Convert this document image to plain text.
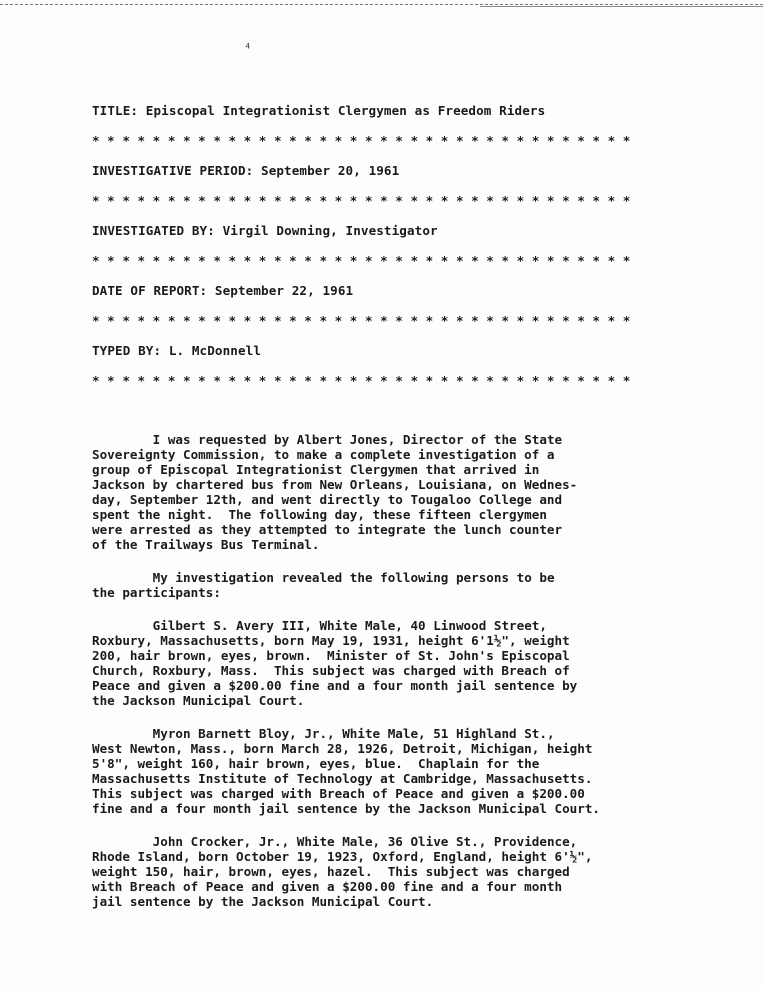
⁴
TITLE: Episcopal Integrationist Clergymen as Freedom Riders
* * * * * * * * * * * * * * * * * * * * * * * * * * * * * * * * * * * *
INVESTIGATIVE PERIOD: September 20, 1961
* * * * * * * * * * * * * * * * * * * * * * * * * * * * * * * * * * * *
INVESTIGATED BY: Virgil Downing, Investigator
* * * * * * * * * * * * * * * * * * * * * * * * * * * * * * * * * * * *
DATE OF REPORT: September 22, 1961
* * * * * * * * * * * * * * * * * * * * * * * * * * * * * * * * * * * *
TYPED BY: L. McDonnell
* * * * * * * * * * * * * * * * * * * * * * * * * * * * * * * * * * * *

I was requested by Albert Jones, Director of the State
Sovereignty Commission, to make a complete investigation of a
group of Episcopal Integrationist Clergymen that arrived in
Jackson by chartered bus from New Orleans, Louisiana, on Wednes-
day, September 12th, and went directly to Tougaloo College and
spent the night.  The following day, these fifteen clergymen
were arrested as they attempted to integrate the lunch counter
of the Trailways Bus Terminal.

My investigation revealed the following persons to be
the participants:

Gilbert S. Avery III, White Male, 40 Linwood Street,
Roxbury, Massachusetts, born May 19, 1931, height 6'1½", weight
200, hair brown, eyes, brown.  Minister of St. John's Episcopal
Church, Roxbury, Mass.  This subject was charged with Breach of
Peace and given a $200.00 fine and a four month jail sentence by
the Jackson Municipal Court.

Myron Barnett Bloy, Jr., White Male, 51 Highland St.,
West Newton, Mass., born March 28, 1926, Detroit, Michigan, height
5'8", weight 160, hair brown, eyes, blue.  Chaplain for the
Massachusetts Institute of Technology at Cambridge, Massachusetts.
This subject was charged with Breach of Peace and given a $200.00
fine and a four month jail sentence by the Jackson Municipal Court.

John Crocker, Jr., White Male, 36 Olive St., Providence,
Rhode Island, born October 19, 1923, Oxford, England, height 6'½",
weight 150, hair, brown, eyes, hazel.  This subject was charged
with Breach of Peace and given a $200.00 fine and a four month
jail sentence by the Jackson Municipal Court.
